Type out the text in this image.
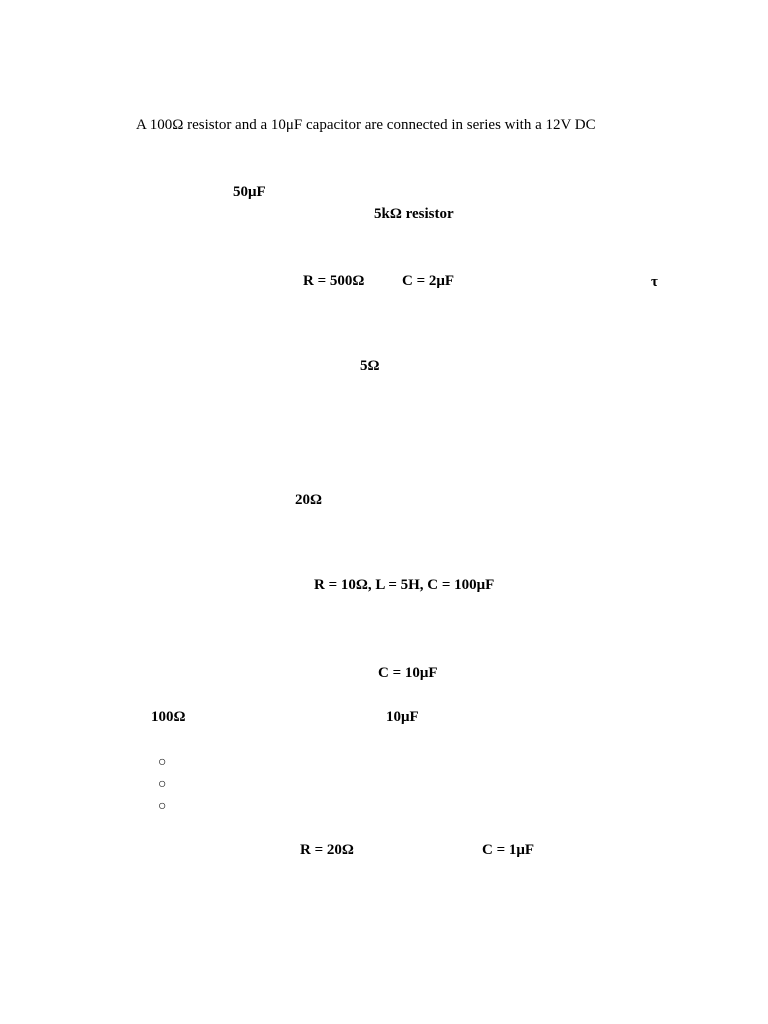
A 100Ω resistor and a 10μF capacitor are connected in series with a 12V DC
50μF
5kΩ resistor
R = 500Ω	C = 2μF	τ
5Ω
20Ω
R = 10Ω, L = 5H, C = 100μF
C = 10μF
100Ω	10μF
○
○
○
R = 20Ω	C = 1μF
